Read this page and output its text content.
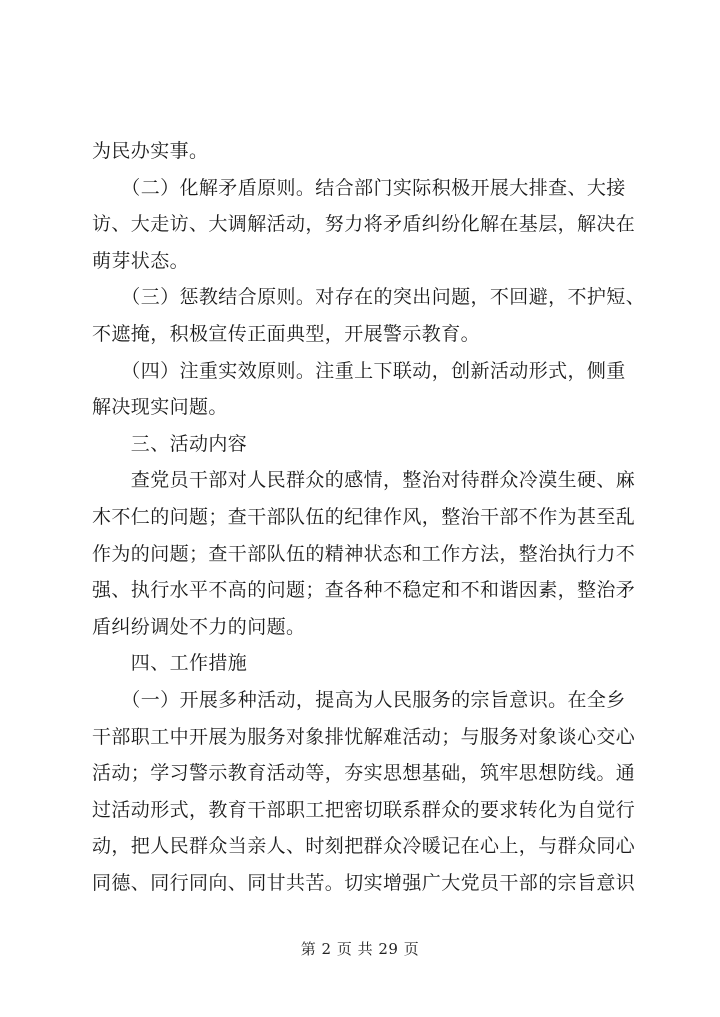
为民办实事。
　　（二）化解矛盾原则。结合部门实际积极开展大排查、大接
访、大走访、大调解活动，努力将矛盾纠纷化解在基层，解决在
萌芽状态。
　　（三）惩教结合原则。对存在的突出问题，不回避，不护短、
不遮掩，积极宣传正面典型，开展警示教育。
　　（四）注重实效原则。注重上下联动，创新活动形式，侧重
解决现实问题。
　　三、活动内容
　　查党员干部对人民群众的感情，整治对待群众冷漠生硬、麻
木不仁的问题；查干部队伍的纪律作风，整治干部不作为甚至乱
作为的问题；查干部队伍的精神状态和工作方法，整治执行力不
强、执行水平不高的问题；查各种不稳定和不和谐因素，整治矛
盾纠纷调处不力的问题。
　　四、工作措施
　　（一）开展多种活动，提高为人民服务的宗旨意识。在全乡
干部职工中开展为服务对象排忧解难活动；与服务对象谈心交心
活动；学习警示教育活动等，夯实思想基础，筑牢思想防线。通
过活动形式，教育干部职工把密切联系群众的要求转化为自觉行
动，把人民群众当亲人、时刻把群众冷暖记在心上，与群众同心
同德、同行同向、同甘共苦。切实增强广大党员干部的宗旨意识

第 2 页 共 29 页
